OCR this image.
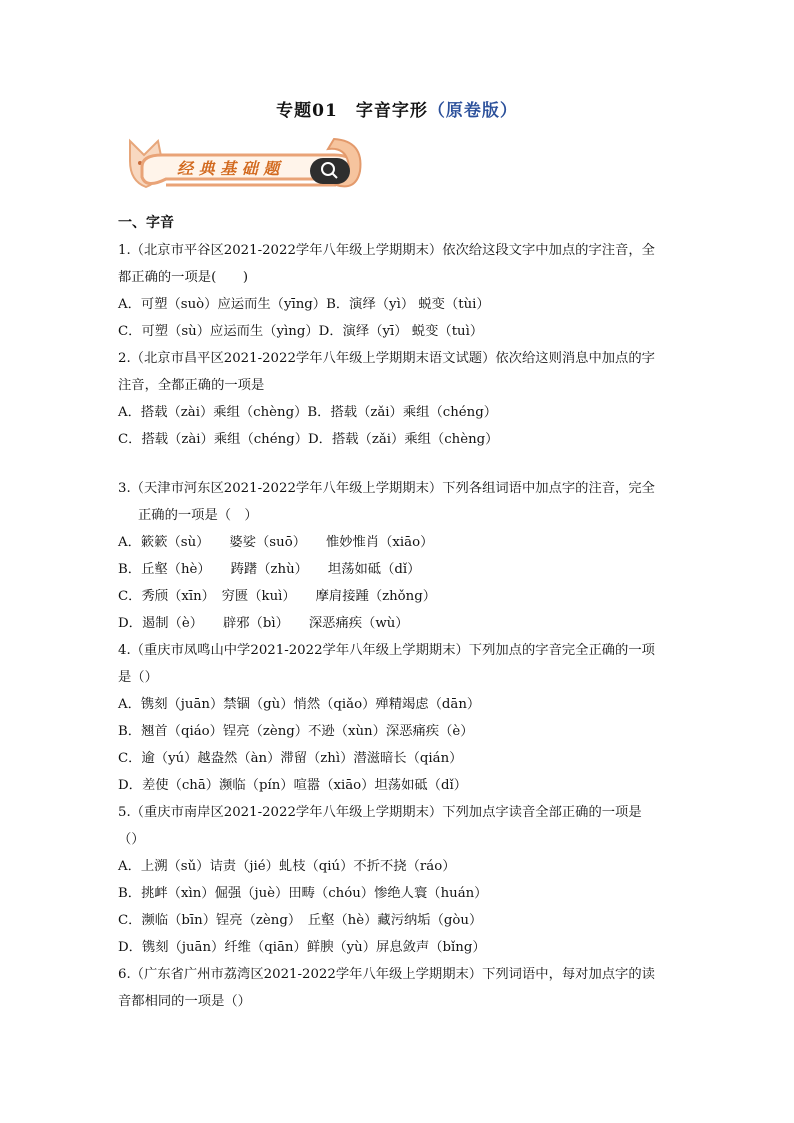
专题01　字音字形（原卷版）
经 典 基 础 题
一、字音
1.（北京市平谷区2021-2022学年八年级上学期期末）依次给这段文字中加点的字注音，全
都正确的一项是(　　)
A．可塑（suò）应运而生（yīng）B．演绎（yì） 蜕变（tùi）
C．可塑（sù）应运而生（yìng）D．演绎（yī） 蜕变（tuì）
2.（北京市昌平区2021-2022学年八年级上学期期末语文试题）依次给这则消息中加点的字
注音，全都正确的一项是
A．搭载（zài）乘组（chèng）B．搭载（zǎi）乘组（chéng）
C．搭载（zài）乘组（chéng）D．搭载（zǎi）乘组（chèng）
3.（天津市河东区2021-2022学年八年级上学期期末）下列各组词语中加点字的注音，完全
正确的一项是（　）
A．簌簌（sù）　　婆娑（suō）　　惟妙惟肖（xiāo）
B．丘壑（hè）　　踌躇（zhù）　　坦荡如砥（dǐ）
C．秀颀（xīn）　穷匮（kuì）　　摩肩接踵（zhǒng）
D．遏制（è）　　辟邪（bì）　　深恶痛疾（wù）
4.（重庆市凤鸣山中学2021-2022学年八年级上学期期末）下列加点的字音完全正确的一项
是（）
A．镌刻（juān）禁锢（gù）悄然（qiǎo）殚精竭虑（dān）
B．翘首（qiáo）锃亮（zèng）不逊（xùn）深恶痛疾（è）
C．逾（yú）越盎然（àn）滞留（zhì）潜滋暗长（qián）
D．差使（chā）濒临（pín）喧嚣（xiāo）坦荡如砥（dǐ）
5.（重庆市南岸区2021-2022学年八年级上学期期末）下列加点字读音全部正确的一项是
（）
A．上溯（sǔ）诘责（jié）虬枝（qiú）不折不挠（ráo）
B．挑衅（xìn）倔强（juè）田畴（chóu）惨绝人寰（huán）
C．濒临（bīn）锃亮（zèng）　丘壑（hè）藏污纳垢（gòu）
D．镌刻（juān）纤维（qiān）鲜腴（yù）屏息敛声（bǐng）
6.（广东省广州市荔湾区2021-2022学年八年级上学期期末）下列词语中，每对加点字的读
音都相同的一项是（）
